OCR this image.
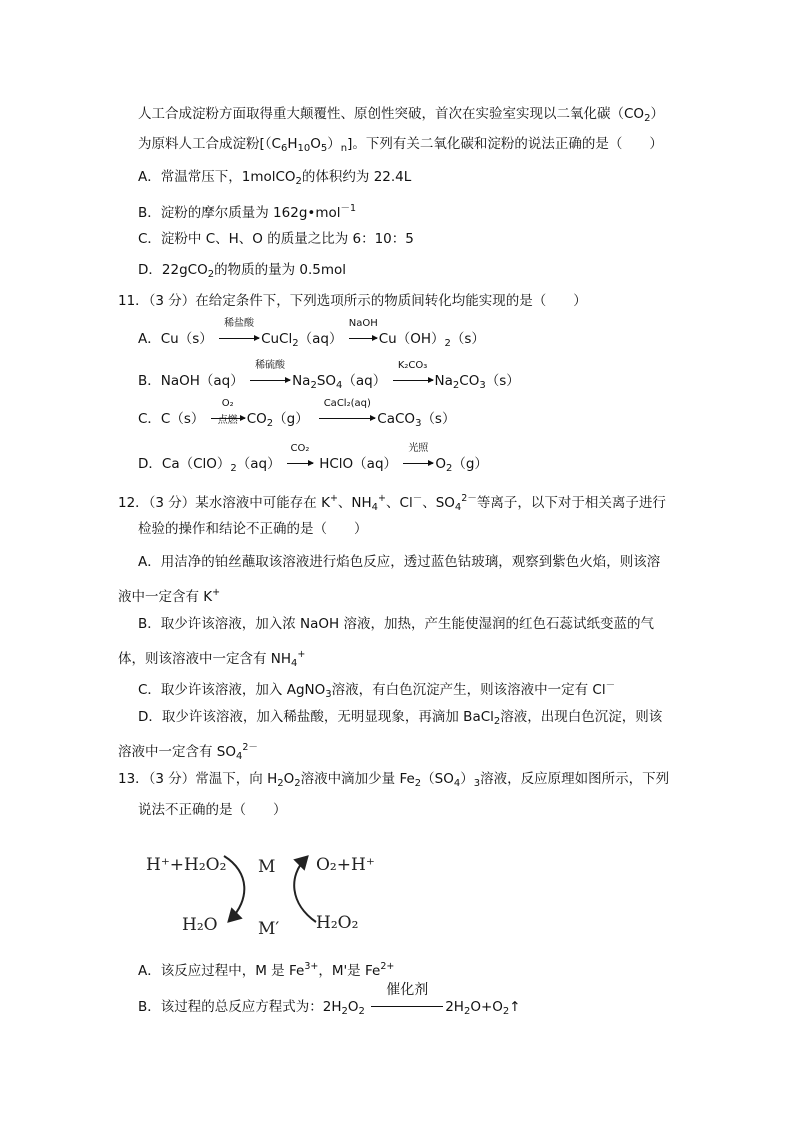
人工合成淀粉方面取得重大颠覆性、原创性突破，首次在实验室实现以二氧化碳$(CO_2)$
为原料人工合成淀粉$[(C_6H_{10}O_5)_n]$。下列有关二氧化碳和淀粉的说法正确的是（　　）
A．常温常压下，1molCO$_2$的体积约为 22.4L
B．淀粉的摩尔质量为 162g•mol$^{-1}$
C．淀粉中 C、H、O 的质量之比为 6：10：5
D．22gCO$_2$的物质的量为 0.5mol
11．（3 分）在给定条件下，下列选项所示的物质间转化均能实现的是（　　）
A．Cu（s）
稀盐酸
CuCl$_2$（aq）
NaOH
$Cu(OH)_2(s)$
B．NaOH（aq）
稀硫酸
$Na_2SO_4(aq)$
K₂CO₃
$Na_2CO_3(s)$
C．C（s）
O₂
点燃 $CO_2(g)$
CaCl₂(aq)
CaCO$_3$（s）
D．$Ca(ClO)_2(aq)$
CO₂
HClO（aq）
光照
$O_2(g)$
12．（3 分）某水溶液中可能存在 K+、$NH_4^+$、Cl－、$SO_4^{2-}$等离子，以下对于相关离子进行
检验的操作和结论不正确的是（　　）
A．用洁净的铂丝蘸取该溶液进行焰色反应，透过蓝色钴玻璃，观察到紫色火焰，则该溶
液中一定含有 K+
B．取少许该溶液，加入浓 NaOH 溶液，加热，产生能使湿润的红色石蕊试纸变蓝的气
体，则该溶液中一定含有 $NH_4^+$
C．取少许该溶液，加入 AgNO$_3$溶液，有白色沉淀产生，则该溶液中一定有 Cl－
D．取少许该溶液，加入稀盐酸，无明显现象，再滴加 BaCl$_2$溶液，出现白色沉淀，则该
溶液中一定含有 $SO_4^{2-}$
13．（3 分）常温下，向 $H_2O_2$溶液中滴加少量 $Fe_2(SO_4)_3$溶液，反应原理如图所示，下列
说法不正确的是（　　）
H⁺+H₂O₂ M O₂+H⁺
H₂O M′ H₂O₂
A．该反应过程中，M 是 $Fe^{3+}$，M'是 $Fe^{2+}$
B．该过程的总反应方程式为：$2H_2O_2$
催化剂
$2H_2O+O_2↑$
